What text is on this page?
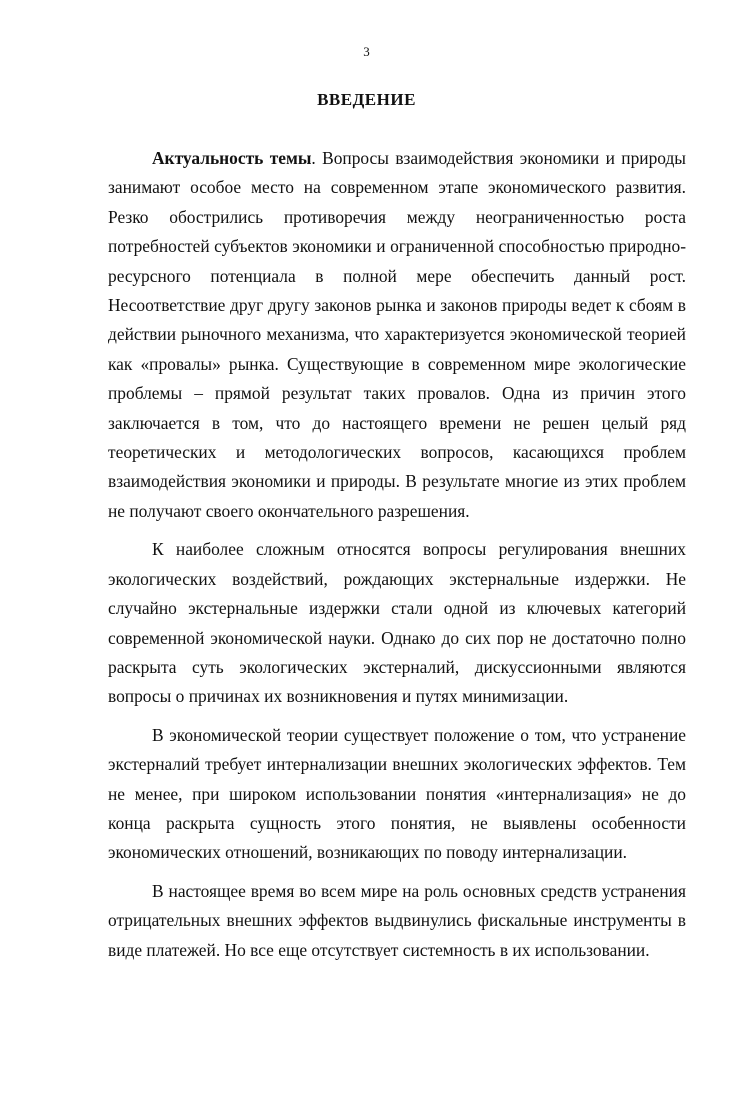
3
ВВЕДЕНИЕ

Актуальность темы. Вопросы взаимодействия экономики и природы занимают особое место на современном этапе экономического развития. Резко обострились противоречия между неограниченностью роста потребностей субъектов экономики и ограниченной способностью природно-ресурсного потенциала в полной мере обеспечить данный рост. Несоответствие друг другу законов рынка и законов природы ведет к сбоям в действии рыночного механизма, что характеризуется экономической теорией как «провалы» рынка. Существующие в современном мире экологические проблемы – прямой результат таких провалов. Одна из причин этого заключается в том, что до настоящего времени не решен целый ряд теоретических и методологических вопросов, касающихся проблем взаимодействия экономики и природы. В результате многие из этих проблем не получают своего окончательного разрешения.

К наиболее сложным относятся вопросы регулирования внешних экологических воздействий, рождающих экстернальные издержки. Не случайно экстернальные издержки стали одной из ключевых категорий современной экономической науки. Однако до сих пор не достаточно полно раскрыта суть экологических экстерналий, дискуссионными являются вопросы о причинах их возникновения и путях минимизации.

В экономической теории существует положение о том, что устранение экстерналий требует интернализации внешних экологических эффектов. Тем не менее, при широком использовании понятия «интернализация» не до конца раскрыта сущность этого понятия, не выявлены особенности экономических отношений, возникающих по поводу интернализации.

В настоящее время во всем мире на роль основных средств устранения отрицательных внешних эффектов выдвинулись фискальные инструменты в виде платежей. Но все еще отсутствует системность в их использовании.
